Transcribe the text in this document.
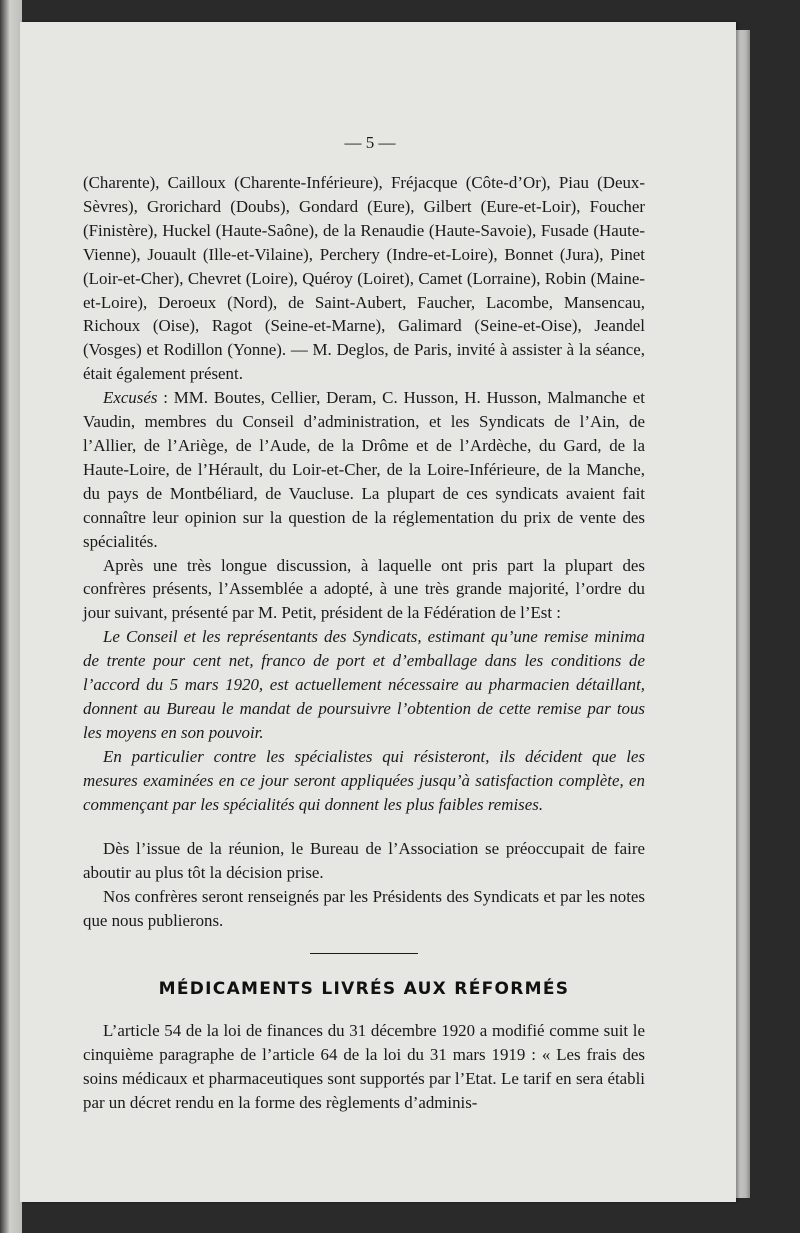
— 5 —

(Charente), Cailloux (Charente-Inférieure), Fréjacque (Côte-d’Or), Piau (Deux-Sèvres), Grorichard (Doubs), Gondard (Eure), Gilbert (Eure-et-Loir), Foucher (Finistère), Huckel (Haute-Saône), de la Renaudie (Haute-Savoie), Fusade (Haute-Vienne), Jouault (Ille-et-Vilaine), Perchery (Indre-et-Loire), Bonnet (Jura), Pinet (Loir-et-Cher), Chevret (Loire), Quéroy (Loiret), Camet (Lorraine), Robin (Maine-et-Loire), Deroeux (Nord), de Saint-Aubert, Faucher, Lacombe, Mansencau, Richoux (Oise), Ragot (Seine-et-Marne), Galimard (Seine-et-Oise), Jeandel (Vosges) et Rodillon (Yonne). — M. Deglos, de Paris, invité à assister à la séance, était également présent.

Excusés : MM. Boutes, Cellier, Deram, C. Husson, H. Husson, Malmanche et Vaudin, membres du Conseil d’administration, et les Syndicats de l’Ain, de l’Allier, de l’Ariège, de l’Aude, de la Drôme et de l’Ardèche, du Gard, de la Haute-Loire, de l’Hérault, du Loir-et-Cher, de la Loire-Inférieure, de la Manche, du pays de Montbéliard, de Vaucluse. La plupart de ces syndicats avaient fait connaître leur opinion sur la question de la réglementation du prix de vente des spécialités.

Après une très longue discussion, à laquelle ont pris part la plupart des confrères présents, l’Assemblée a adopté, à une très grande majorité, l’ordre du jour suivant, présenté par M. Petit, président de la Fédération de l’Est :

Le Conseil et les représentants des Syndicats, estimant qu’une remise minima de trente pour cent net, franco de port et d’emballage dans les conditions de l’accord du 5 mars 1920, est actuellement nécessaire au pharmacien détaillant, donnent au Bureau le mandat de poursuivre l’obtention de cette remise par tous les moyens en son pouvoir.

En particulier contre les spécialistes qui résisteront, ils décident que les mesures examinées en ce jour seront appliquées jusqu’à satisfaction complète, en commençant par les spécialités qui donnent les plus faibles remises.

Dès l’issue de la réunion, le Bureau de l’Association se préoccupait de faire aboutir au plus tôt la décision prise.

Nos confrères seront renseignés par les Présidents des Syndicats et par les notes que nous publierons.

MÉDICAMENTS LIVRÉS AUX RÉFORMÉS

L’article 54 de la loi de finances du 31 décembre 1920 a modifié comme suit le cinquième paragraphe de l’article 64 de la loi du 31 mars 1919 : « Les frais des soins médicaux et pharmaceutiques sont supportés par l’Etat. Le tarif en sera établi par un décret rendu en la forme des règlements d’adminis-
